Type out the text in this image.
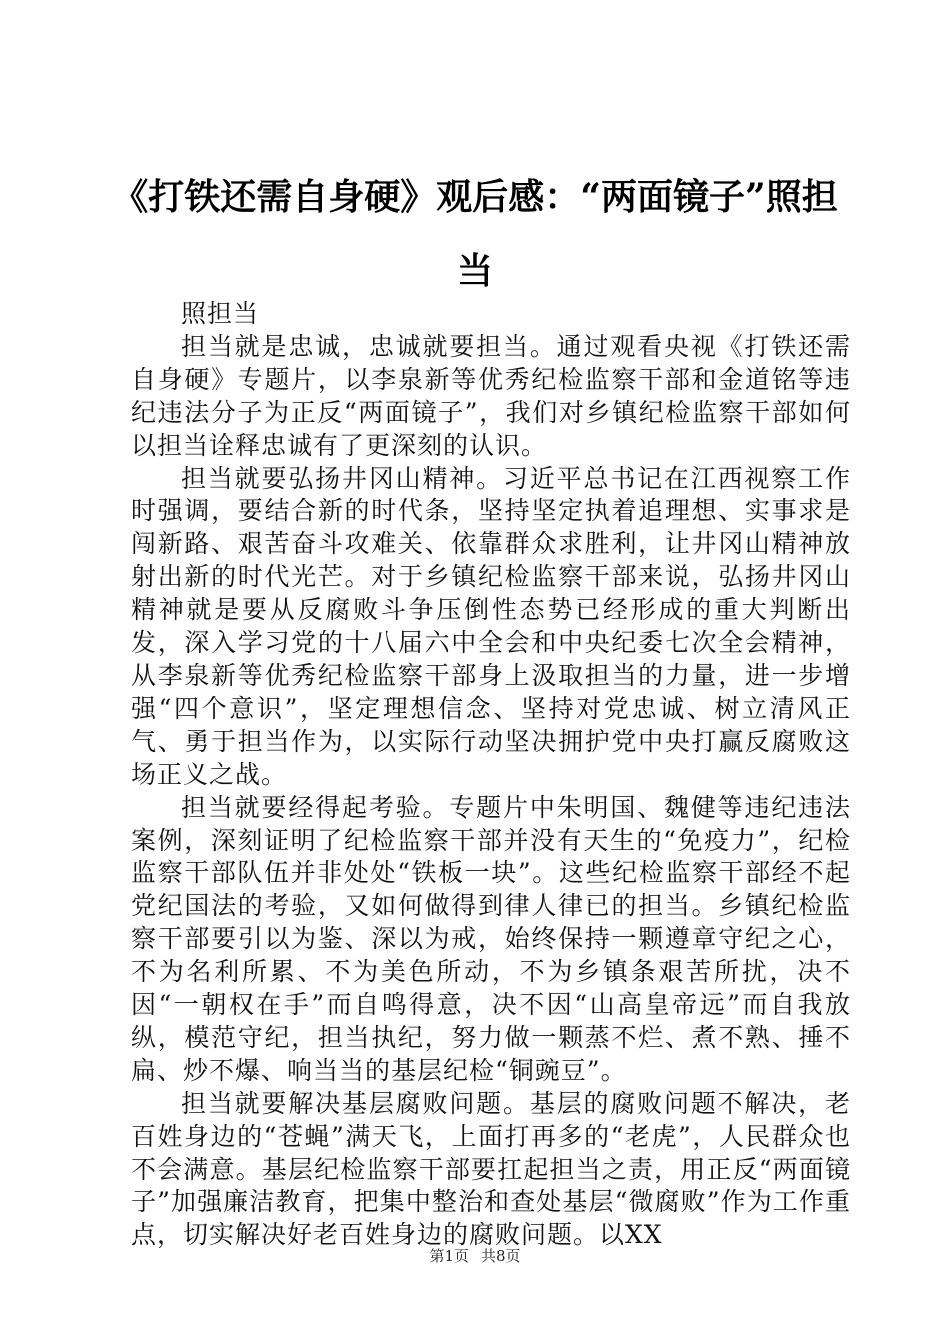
《打铁还需自身硬》观后感：“两面镜子”照担当

照担当

担当就是忠诚，忠诚就要担当。通过观看央视《打铁还需自身硬》专题片，以李泉新等优秀纪检监察干部和金道铭等违纪违法分子为正反“两面镜子”，我们对乡镇纪检监察干部如何以担当诠释忠诚有了更深刻的认识。

担当就要弘扬井冈山精神。习近平总书记在江西视察工作时强调，要结合新的时代条，坚持坚定执着追理想、实事求是闯新路、艰苦奋斗攻难关、依靠群众求胜利，让井冈山精神放射出新的时代光芒。对于乡镇纪检监察干部来说，弘扬井冈山精神就是要从反腐败斗争压倒性态势已经形成的重大判断出发，深入学习党的十八届六中全会和中央纪委七次全会精神，从李泉新等优秀纪检监察干部身上汲取担当的力量，进一步增强“四个意识”，坚定理想信念、坚持对党忠诚、树立清风正气、勇于担当作为，以实际行动坚决拥护党中央打赢反腐败这场正义之战。

担当就要经得起考验。专题片中朱明国、魏健等违纪违法案例，深刻证明了纪检监察干部并没有天生的“免疫力”，纪检监察干部队伍并非处处“铁板一块”。这些纪检监察干部经不起党纪国法的考验，又如何做得到律人律已的担当。乡镇纪检监察干部要引以为鉴、深以为戒，始终保持一颗遵章守纪之心，不为名利所累、不为美色所动，不为乡镇条艰苦所扰，决不因“一朝权在手”而自鸣得意，决不因“山高皇帝远”而自我放纵，模范守纪，担当执纪，努力做一颗蒸不烂、煮不熟、捶不扁、炒不爆、响当当的基层纪检“铜豌豆”。

担当就要解决基层腐败问题。基层的腐败问题不解决，老百姓身边的“苍蝇”满天飞，上面打再多的“老虎”，人民群众也不会满意。基层纪检监察干部要扛起担当之责，用正反“两面镜子”加强廉洁教育，把集中整治和查处基层“微腐败”作为工作重点，切实解决好老百姓身边的腐败问题。以XX

第1页 共8页
